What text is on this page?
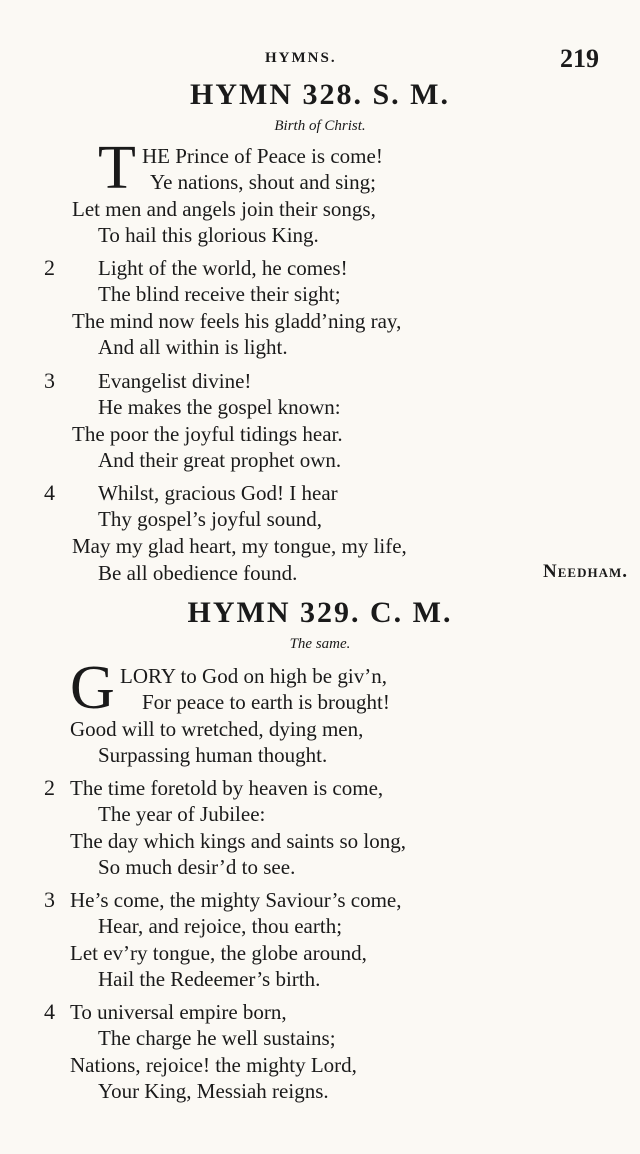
HYMNS.	219
HYMN 328. S. M.
Birth of Christ.
T HE Prince of Peace is come!
Ye nations, shout and sing;
Let men and angels join their songs,
To hail this glorious King.
2 Light of the world, he comes!
The blind receive their sight;
The mind now feels his gladd’ning ray,
And all within is light.
3 Evangelist divine!
He makes the gospel known:
The poor the joyful tidings hear.
And their great prophet own.
4 Whilst, gracious God! I hear
Thy gospel’s joyful sound,
May my glad heart, my tongue, my life,
Be all obedience found.	Needham.
HYMN 329. C. M.
The same.
G LORY to God on high be giv’n,
For peace to earth is brought!
Good will to wretched, dying men,
Surpassing human thought.
2 The time foretold by heaven is come,
The year of Jubilee:
The day which kings and saints so long,
So much desir’d to see.
3 He’s come, the mighty Saviour’s come,
Hear, and rejoice, thou earth;
Let ev’ry tongue, the globe around,
Hail the Redeemer’s birth.
4 To universal empire born,
The charge he well sustains;
Nations, rejoice! the mighty Lord,
Your King, Messiah reigns.
